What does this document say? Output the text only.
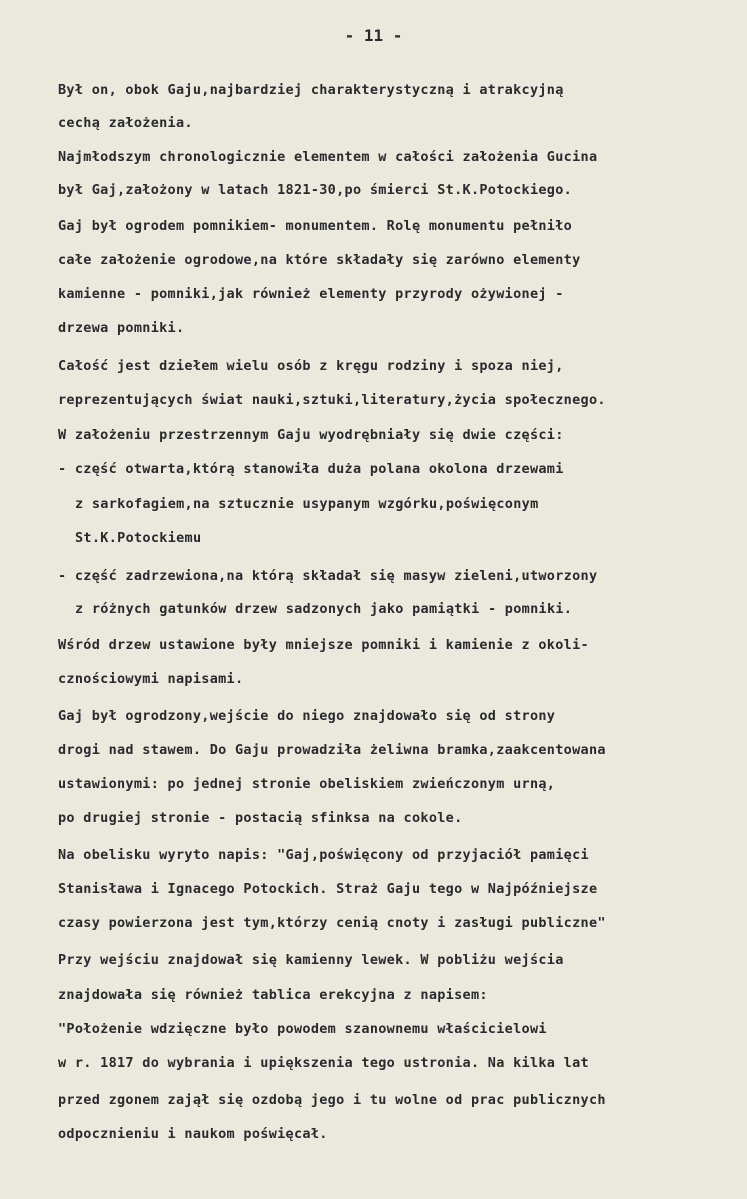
- 11 -

Był on, obok Gaju,najbardziej charakterystyczną i atrakcyjną

cechą założenia.

Najmłodszym chronologicznie elementem w całości założenia Gucina

był Gaj,założony w latach 1821-30,po śmierci St.K.Potockiego.

Gaj był ogrodem pomnikiem- monumentem. Rolę monumentu pełniło

całe założenie ogrodowe,na które składały się zarówno elementy

kamienne - pomniki,jak również elementy przyrody ożywionej -

drzewa pomniki.

Całość jest dziełem wielu osób z kręgu rodziny i spoza niej,

reprezentujących świat nauki,sztuki,literatury,życia społecznego.

W założeniu przestrzennym Gaju wyodrębniały się dwie części:

- część otwarta,którą stanowiła duża polana okolona drzewami

z sarkofagiem,na sztucznie usypanym wzgórku,poświęconym

St.K.Potockiemu

- część zadrzewiona,na którą składał się masyw zieleni,utworzony

z różnych gatunków drzew sadzonych jako pamiątki - pomniki.

Wśród drzew ustawione były mniejsze pomniki i kamienie z okoli-

cznościowymi napisami.

Gaj był ogrodzony,wejście do niego znajdowało się od strony

drogi nad stawem. Do Gaju prowadziła żeliwna bramka,zaakcentowana

ustawionymi: po jednej stronie obeliskiem zwieńczonym urną,

po drugiej stronie - postacią sfinksa na cokole.

Na obelisku wyryto napis: "Gaj,poświęcony od przyjaciół pamięci

Stanisława i Ignacego Potockich. Straż Gaju tego w Najpóźniejsze

czasy powierzona jest tym,którzy cenią cnoty i zasługi publiczne"

Przy wejściu znajdował się kamienny lewek. W pobliżu wejścia

znajdowała się również tablica erekcyjna z napisem:

"Położenie wdzięczne było powodem szanownemu właścicielowi

w r. 1817 do wybrania i upiększenia tego ustronia. Na kilka lat

przed zgonem zajął się ozdobą jego i tu wolne od prac publicznych

odpocznieniu i naukom poświęcał.
